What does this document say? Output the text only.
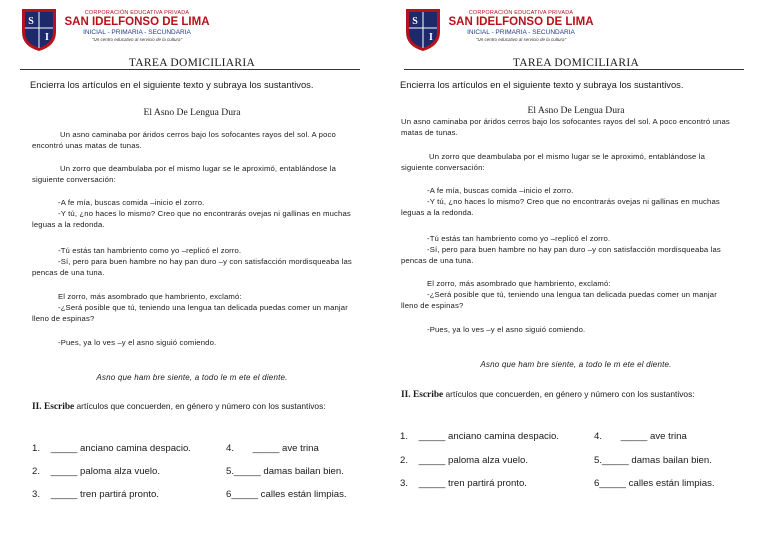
S
I
CORPORACIÓN EDUCATIVA PRIVADA
SAN IDELFONSO DE LIMA
INICIAL - PRIMARIA - SECUNDARIA
"Un centro educativo al servicio de la cultura"
TAREA DOMICILIARIA
Encierra los artículos en el siguiente texto y subraya los sustantivos.
El Asno De Lengua Dura
Un asno caminaba por áridos cerros bajo los sofocantes rayos del sol. A poco encontró unas matas de tunas.
Un zorro que deambulaba por el mismo lugar se le aproximó, entablándose la siguiente conversación:
-A fe mía, buscas comida –inicio el zorro.
-Y tú, ¿no haces lo mismo? Creo que no encontrarás ovejas ni gallinas en muchas leguas a la redonda.
-Tú estás tan hambriento como yo –replicó el zorro.
-Sí, pero para buen hambre no hay pan duro –y con satisfacción mordisqueaba las pencas de una tuna.
El zorro, más asombrado que hambriento, exclamó:
-¿Será posible que tú, teniendo una lengua tan delicada puedas comer un manjar lleno de espinas?
-Pues, ya lo ves –y el asno siguió comiendo.
Asno que ham bre siente, a todo le m ete el diente.
II. Escribe artículos que concuerden, en género y número con los sustantivos:
1. _____ anciano camina despacio.	4. _____ ave trina
2. _____ paloma alza vuelo.	5._____ damas bailan bien.
3. _____ tren partirá pronto.	6_____ calles están limpias.
S
I
CORPORACIÓN EDUCATIVA PRIVADA
SAN IDELFONSO DE LIMA
INICIAL - PRIMARIA - SECUNDARIA
"Un centro educativo al servicio de la cultura"
TAREA DOMICILIARIA
Encierra los artículos en el siguiente texto y subraya los sustantivos.
El Asno De Lengua Dura
Un asno caminaba por áridos cerros bajo los sofocantes rayos del sol. A poco encontró unas matas de tunas.
Un zorro que deambulaba por el mismo lugar se le aproximó, entablándose la siguiente conversación:
-A fe mía, buscas comida –inicio el zorro.
-Y tú, ¿no haces lo mismo? Creo que no encontrarás ovejas ni gallinas en muchas leguas a la redonda.
-Tú estás tan hambriento como yo –replicó el zorro.
-Sí, pero para buen hambre no hay pan duro –y con satisfacción mordisqueaba las pencas de una tuna.
El zorro, más asombrado que hambriento, exclamó:
-¿Será posible que tú, teniendo una lengua tan delicada puedas comer un manjar lleno de espinas?
-Pues, ya lo ves –y el asno siguió comiendo.
Asno que ham bre siente, a todo le m ete el diente.
II. Escribe artículos que concuerden, en género y número con los sustantivos:
1. _____ anciano camina despacio.	4. _____ ave trina
2. _____ paloma alza vuelo.	5._____ damas bailan bien.
3. _____ tren partirá pronto.	6_____ calles están limpias.
